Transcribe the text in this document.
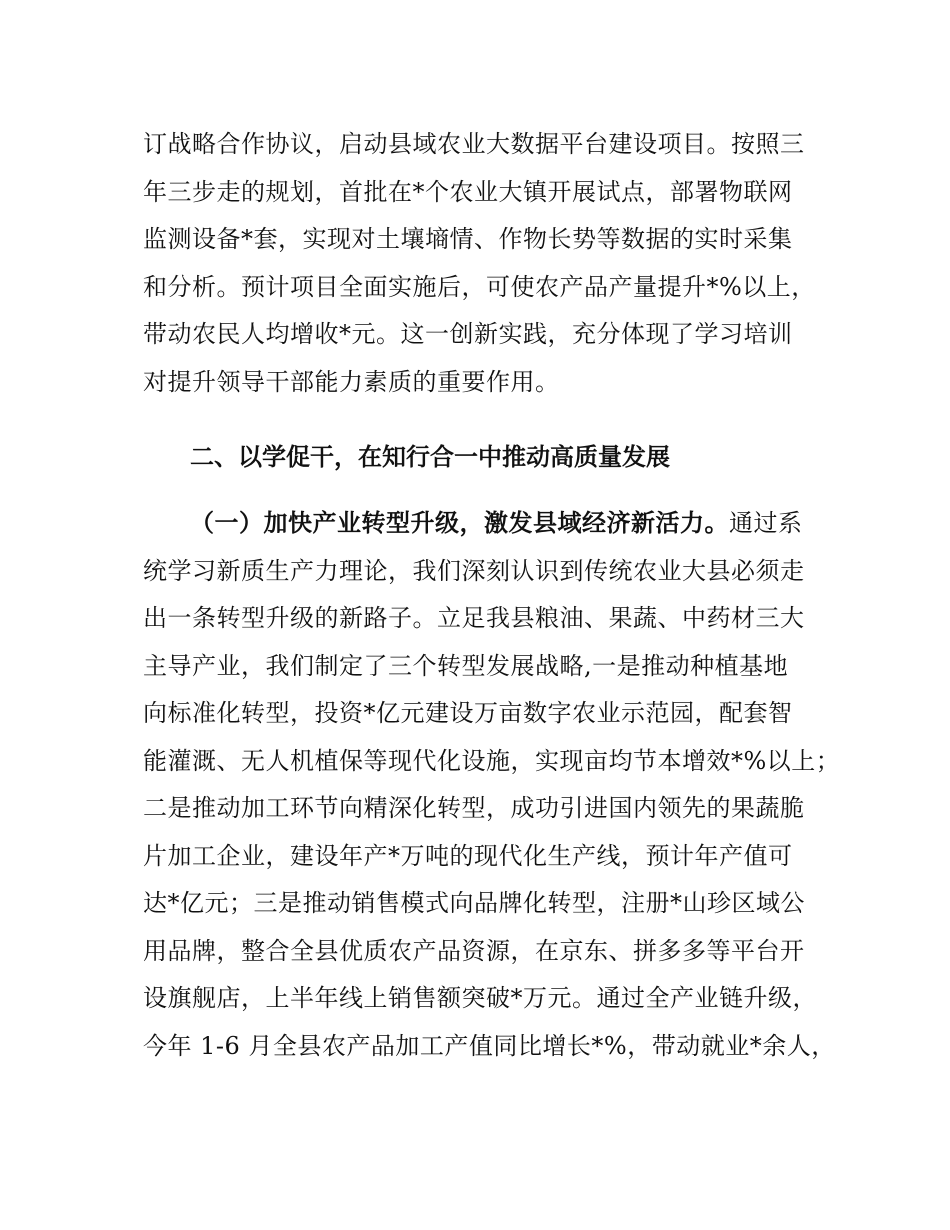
订战略合作协议，启动县域农业大数据平台建设项目。按照三
年三步走的规划，首批在*个农业大镇开展试点，部署物联网
监测设备*套，实现对土壤墒情、作物长势等数据的实时采集
和分析。预计项目全面实施后，可使农产品产量提升*%以上，
带动农民人均增收*元。这一创新实践，充分体现了学习培训
对提升领导干部能力素质的重要作用。
二、以学促干，在知行合一中推动高质量发展
（一）加快产业转型升级，激发县域经济新活力。通过系
统学习新质生产力理论，我们深刻认识到传统农业大县必须走
出一条转型升级的新路子。立足我县粮油、果蔬、中药材三大
主导产业，我们制定了三个转型发展战略,一是推动种植基地
向标准化转型，投资*亿元建设万亩数字农业示范园，配套智
能灌溉、无人机植保等现代化设施，实现亩均节本增效*%以上；
二是推动加工环节向精深化转型，成功引进国内领先的果蔬脆
片加工企业，建设年产*万吨的现代化生产线，预计年产值可
达*亿元；三是推动销售模式向品牌化转型，注册*山珍区域公
用品牌，整合全县优质农产品资源，在京东、拼多多等平台开
设旗舰店，上半年线上销售额突破*万元。通过全产业链升级，
今年 1-6 月全县农产品加工产值同比增长*%，带动就业*余人，
